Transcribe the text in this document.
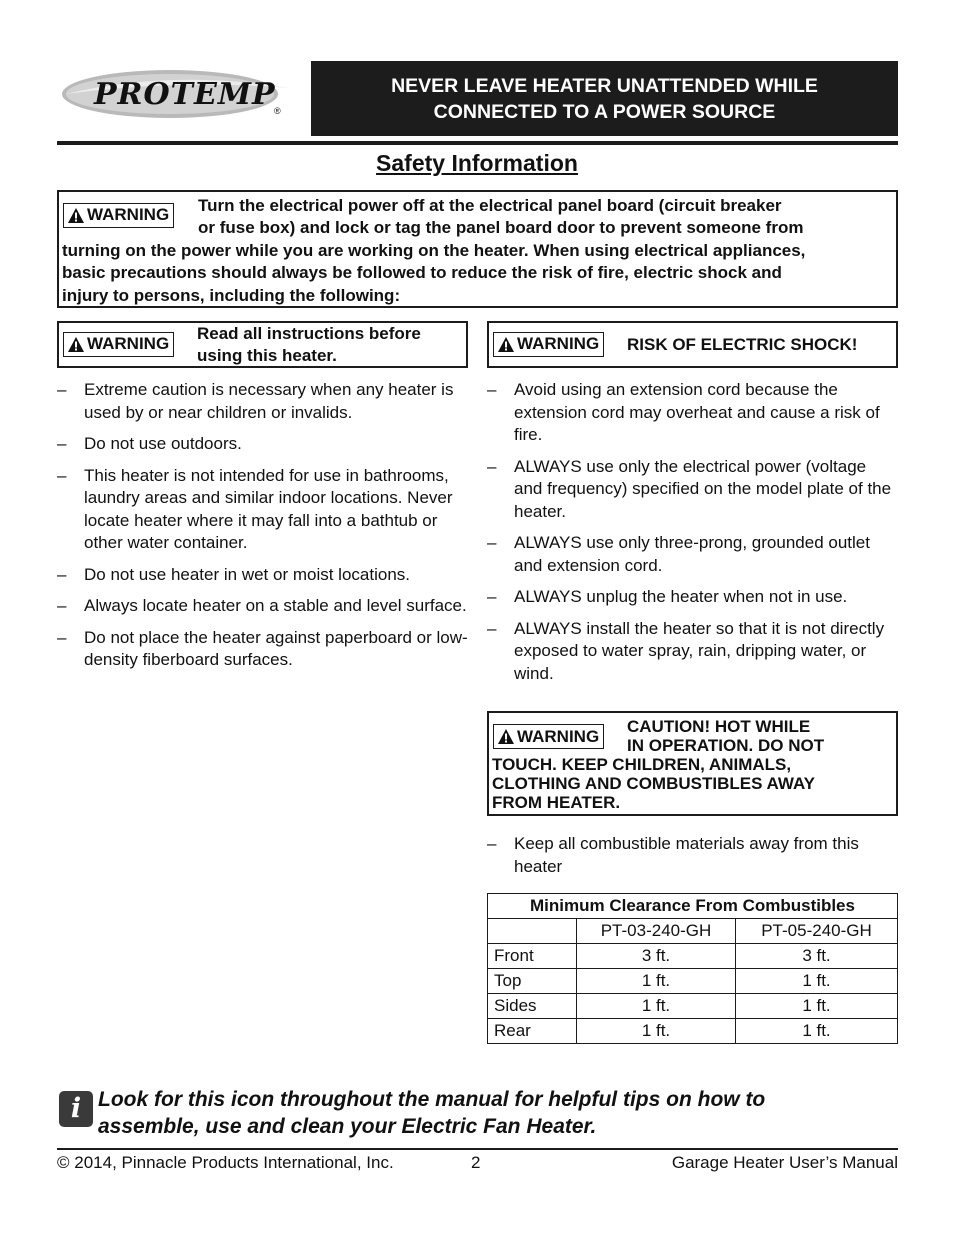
PROTEMP
®
NEVER LEAVE HEATER UNATTENDED WHILE
CONNECTED TO A POWER SOURCE
Safety Information
WARNING Turn the electrical power off at the electrical panel board (circuit breaker
or fuse box) and lock or tag the panel board door to prevent someone from
turning on the power while you are working on the heater. When using electrical appliances,
basic precautions should always be followed to reduce the risk of fire, electric shock and
injury to persons, including the following:
WARNING
Read all instructions before
using this heater.
WARNING RISK OF ELECTRIC SHOCK!
– Extreme caution is necessary when any heater is used by or near children or invalids.
– Do not use outdoors.
– This heater is not intended for use in bathrooms, laundry areas and similar indoor locations. Never locate heater where it may fall into a bathtub or other water container.
– Do not use heater in wet or moist locations.
– Always locate heater on a stable and level surface.
– Do not place the heater against paperboard or low-density fiberboard surfaces.
– Avoid using an extension cord because the extension cord may overheat and cause a risk of fire.
– ALWAYS use only the electrical power (voltage and frequency) specified on the model plate of the heater.
– ALWAYS use only three-prong, grounded outlet and extension cord.
– ALWAYS unplug the heater when not in use.
– ALWAYS install the heater so that it is not directly exposed to water spray, rain, dripping water, or wind.
WARNING
CAUTION! HOT WHILE
IN OPERATION. DO NOT
TOUCH. KEEP CHILDREN, ANIMALS,
CLOTHING AND COMBUSTIBLES AWAY
FROM HEATER.
– Keep all combustible materials away from this heater
Minimum Clearance From Combustibles		
	PT-03-240-GH	PT-05-240-GH
Front	3 ft.	3 ft.
Top	1 ft.	1 ft.
Sides	1 ft.	1 ft.
Rear	1 ft.	1 ft.
i Look for this icon throughout the manual for helpful tips on how to
assemble, use and clean your Electric Fan Heater.
© 2014, Pinnacle Products International, Inc.	2	Garage Heater User’s Manual
